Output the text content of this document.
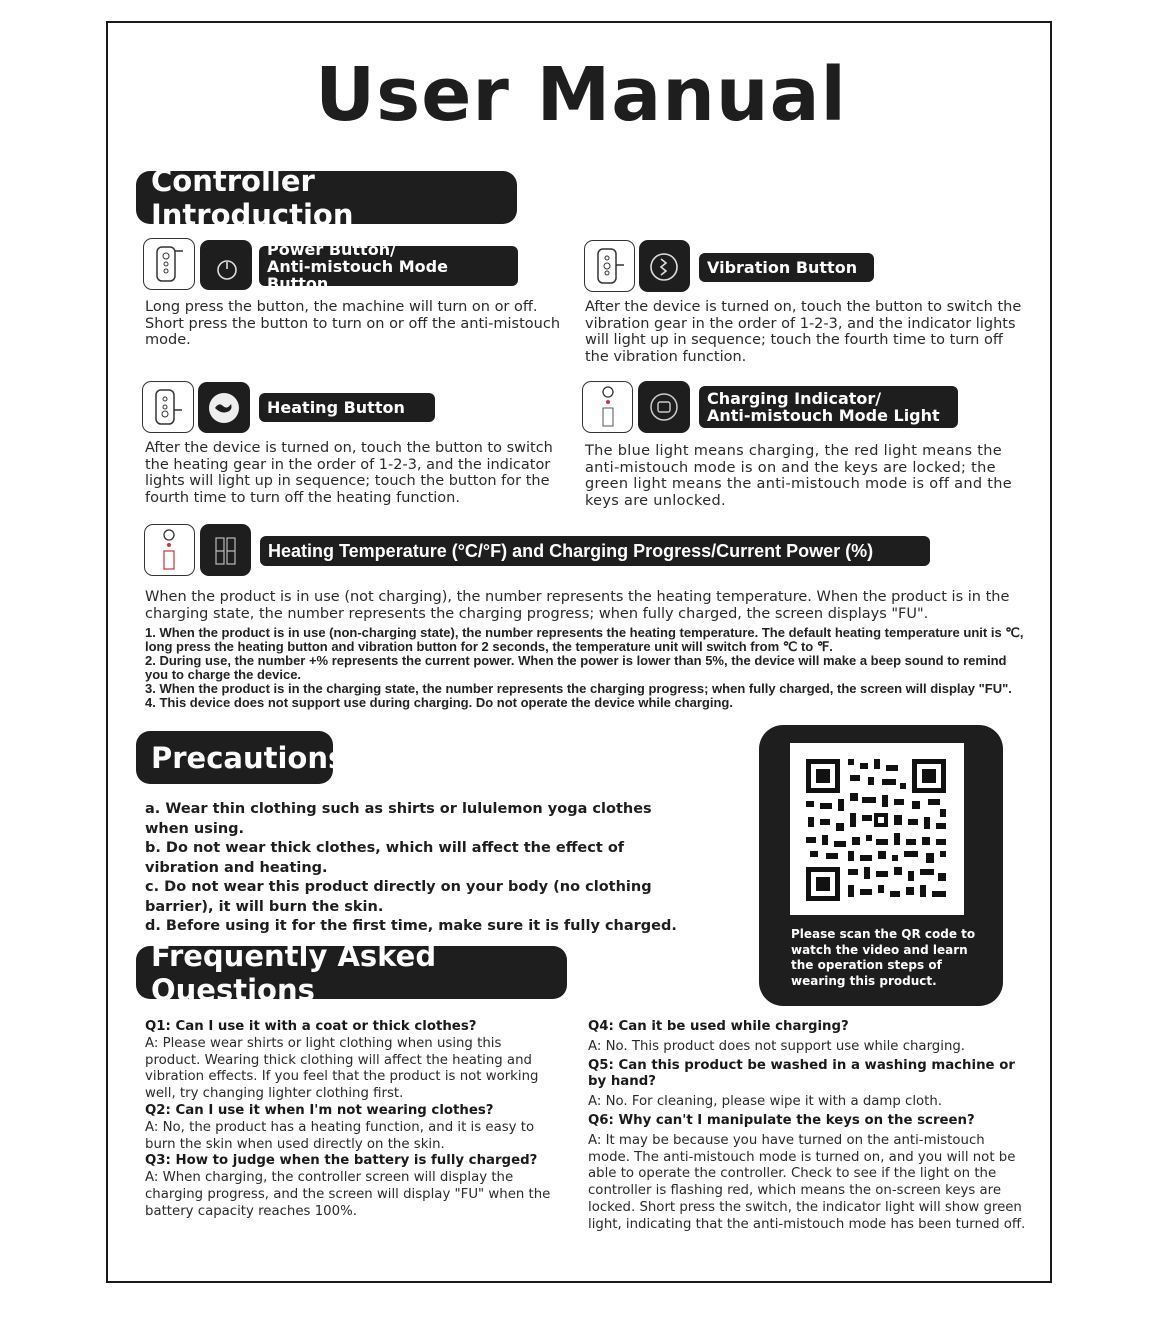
User Manual
Controller Introduction
Power Button/
Anti-mistouch Mode Button
Long press the button, the machine will turn on or off. Short press the button to turn on or off the anti-mistouch mode.
Vibration Button
After the device is turned on, touch the button to switch the vibration gear in the order of 1-2-3, and the indicator lights will light up in sequence; touch the fourth time to turn off the vibration function.
Heating Button
After the device is turned on, touch the button to switch the heating gear in the order of 1-2-3, and the indicator lights will light up in sequence; touch the button for the fourth time to turn off the heating function.
Charging Indicator/
Anti-mistouch Mode Light
The blue light means charging, the red light means the anti-mistouch mode is on and the keys are locked; the green light means the anti-mistouch mode is off and the keys are unlocked.
Heating Temperature (°C/°F) and Charging Progress/Current Power (%)
When the product is in use (not charging), the number represents the heating temperature. When the product is in the charging state, the number represents the charging progress; when fully charged, the screen displays "FU".
1. When the product is in use (non-charging state), the number represents the heating temperature. The default heating temperature unit is ℃, long press the heating button and vibration button for 2 seconds, the temperature unit will switch from ℃ to ℉.
2. During use, the number +% represents the current power. When the power is lower than 5%, the device will make a beep sound to remind you to charge the device.
3. When the product is in the charging state, the number represents the charging progress; when fully charged, the screen will display "FU".
4. This device does not support use during charging. Do not operate the device while charging.
Precautions
a. Wear thin clothing such as shirts or lululemon yoga clothes when using.
b. Do not wear thick clothes, which will affect the effect of vibration and heating.
c. Do not wear this product directly on your body (no clothing barrier), it will burn the skin.
d. Before using it for the first time, make sure it is fully charged.	Please scan the QR code to watch the video and learn the operation steps of wearing this product.
Frequently Asked Questions
Q1: Can I use it with a coat or thick clothes?
A: Please wear shirts or light clothing when using this product. Wearing thick clothing will affect the heating and vibration effects. If you feel that the product is not working well, try changing lighter clothing first.
Q2: Can I use it when I'm not wearing clothes?
A: No, the product has a heating function, and it is easy to burn the skin when used directly on the skin.
Q3: How to judge when the battery is fully charged?
A: When charging, the controller screen will display the charging progress, and the screen will display "FU" when the battery capacity reaches 100%.
Q4: Can it be used while charging?
A: No. This product does not support use while charging.
Q5: Can this product be washed in a washing machine or by hand?
A: No. For cleaning, please wipe it with a damp cloth.
Q6: Why can't I manipulate the keys on the screen?
A: It may be because you have turned on the anti-mistouch mode. The anti-mistouch mode is turned on, and you will not be able to operate the controller. Check to see if the light on the controller is flashing red, which means the on-screen keys are locked. Short press the switch, the indicator light will show green light, indicating that the anti-mistouch mode has been turned off.
